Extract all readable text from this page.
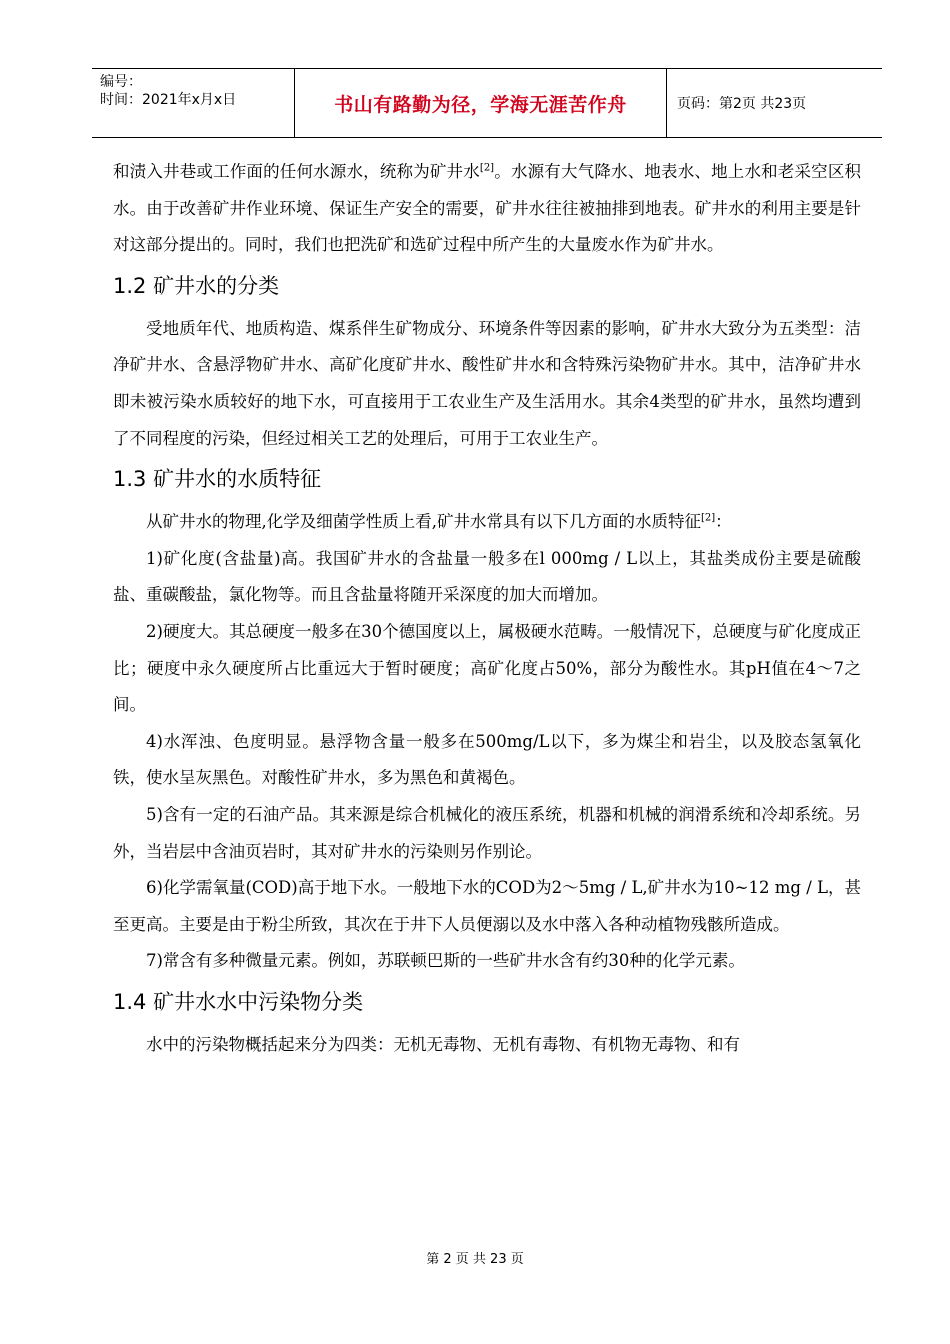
编号：
时间：2021年x月x日	书山有路勤为径，学海无涯苦作舟	页码：第2页 共23页

和渍入井巷或工作面的任何水源水，统称为矿井水[2]。水源有大气降水、地表水、地上水和老采空区积水。由于改善矿井作业环境、保证生产安全的需要，矿井水往往被抽排到地表。矿井水的利用主要是针对这部分提出的。同时，我们也把洗矿和选矿过程中所产生的大量废水作为矿井水。

1.2 矿井水的分类

受地质年代、地质构造、煤系伴生矿物成分、环境条件等因素的影响，矿井水大致分为五类型：洁净矿井水、含悬浮物矿井水、高矿化度矿井水、酸性矿井水和含特殊污染物矿井水。其中，洁净矿井水即未被污染水质较好的地下水，可直接用于工农业生产及生活用水。其余4类型的矿井水，虽然均遭到了不同程度的污染，但经过相关工艺的处理后，可用于工农业生产。

1.3 矿井水的水质特征

从矿井水的物理,化学及细菌学性质上看,矿井水常具有以下几方面的水质特征[2]：

1)矿化度(含盐量)高。我国矿井水的含盐量一般多在l 000mg / L以上，其盐类成份主要是硫酸盐、重碳酸盐，氯化物等。而且含盐量将随开采深度的加大而增加。

2)硬度大。其总硬度一般多在30个德国度以上，属极硬水范畴。一般情况下，总硬度与矿化度成正比；硬度中永久硬度所占比重远大于暂时硬度；高矿化度占50%，部分为酸性水。其pH值在4～7之间。

4)水浑浊、色度明显。悬浮物含量一般多在500mg/L以下，多为煤尘和岩尘，以及胶态氢氧化铁，使水呈灰黑色。对酸性矿井水，多为黑色和黄褐色。

5)含有一定的石油产品。其来源是综合机械化的液压系统，机器和机械的润滑系统和冷却系统。另外，当岩层中含油页岩时，其对矿井水的污染则另作别论。

6)化学需氧量(COD)高于地下水。一般地下水的COD为2～5mg / L,矿井水为10~12 mg / L，甚至更高。主要是由于粉尘所致，其次在于井下人员便溺以及水中落入各种动植物残骸所造成。

7)常含有多种微量元素。例如，苏联顿巴斯的一些矿井水含有约30种的化学元素。

1.4 矿井水水中污染物分类

水中的污染物概括起来分为四类：无机无毒物、无机有毒物、有机物无毒物、和有

第 2 页 共 23 页
